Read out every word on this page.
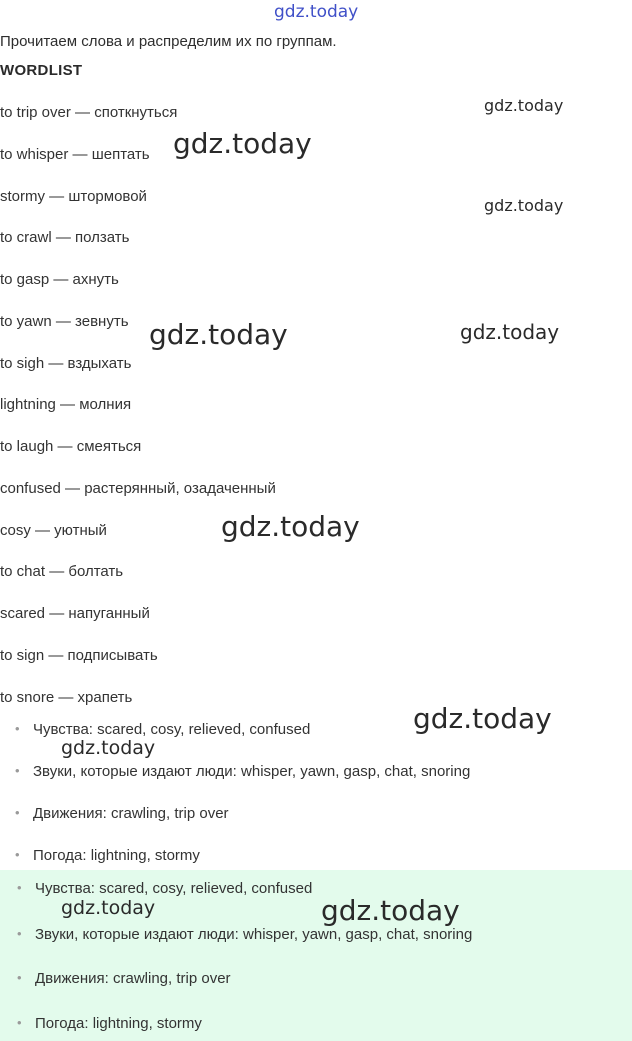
Прочитаем слова и распределим их по группам.
WORDLIST
to trip over — споткнуться
to whisper — шептать
stormy — штормовой
to crawl — ползать
to gasp — ахнуть
to yawn — зевнуть
to sigh — вздыхать
lightning — молния
to laugh — смеяться
confused — растерянный, озадаченный
cosy — уютный
to chat — болтать
scared — напуганный
to sign — подписывать
to snore — храпеть
• Чувства: scared, cosy, relieved, confused
• Звуки, которые издают люди: whisper, yawn, gasp, chat, snoring
• Движения: crawling, trip over
• Погода: lightning, stormy
• Чувства: scared, cosy, relieved, confused
• Звуки, которые издают люди: whisper, yawn, gasp, chat, snoring
• Движения: crawling, trip over
• Погода: lightning, stormy
gdz.today
gdz.today
gdz.today
gdz.today
gdz.today	gdz.today
gdz.today
gdz.today
gdz.today
gdz.today	gdz.today
